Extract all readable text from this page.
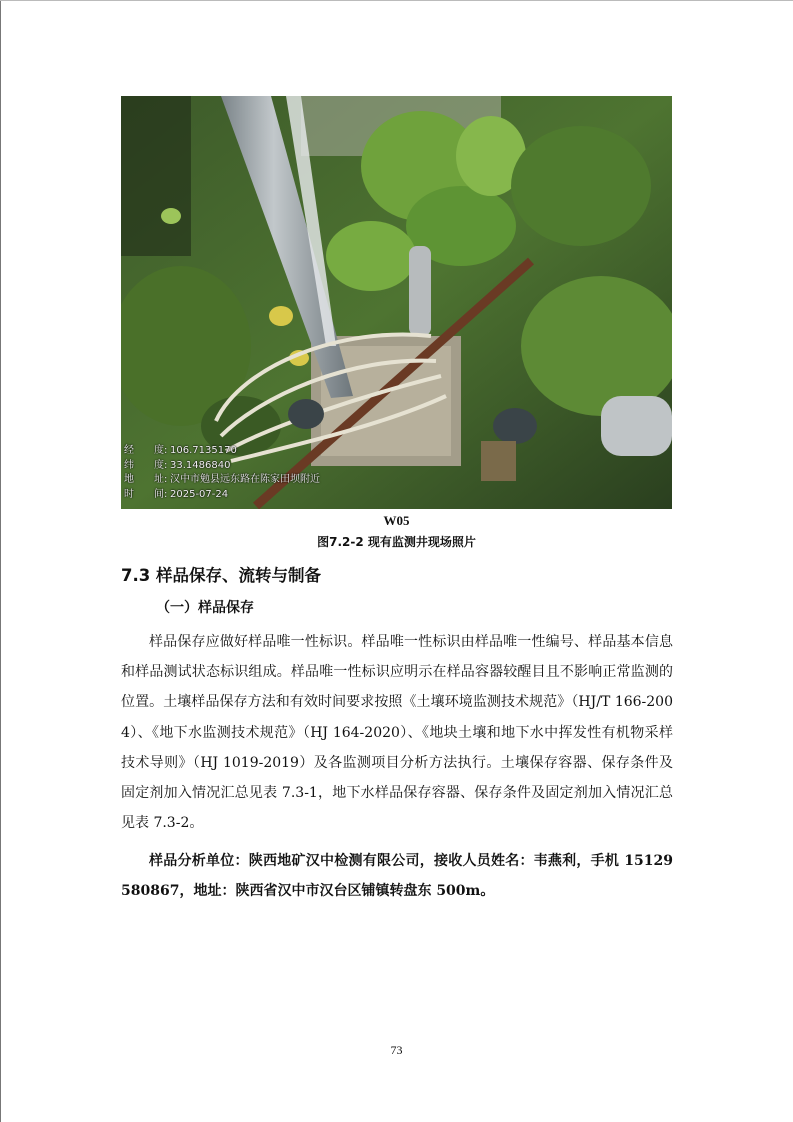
经　　度: 106.7135170
纬　　度: 33.1486840
地　　址: 汉中市勉县远东路在陈家田坝附近
时　　间: 2025-07-24
W05
图7.2-2 现有监测井现场照片
7.3 样品保存、流转与制备
（一）样品保存

样品保存应做好样品唯一性标识。样品唯一性标识由样品唯一性编号、样品基本信息和样品测试状态标识组成。样品唯一性标识应明示在样品容器较醒目且不影响正常监测的位置。土壤样品保存方法和有效时间要求按照《土壤环境监测技术规范》（HJ/T 166-2004）、《地下水监测技术规范》（HJ 164-2020）、《地块土壤和地下水中挥发性有机物采样技术导则》（HJ 1019-2019）及各监测项目分析方法执行。土壤保存容器、保存条件及固定剂加入情况汇总见表 7.3-1，地下水样品保存容器、保存条件及固定剂加入情况汇总见表 7.3-2。

样品分析单位：陕西地矿汉中检测有限公司，接收人员姓名：韦燕利，手机 15129580867，地址：陕西省汉中市汉台区铺镇转盘东 500m。

73
